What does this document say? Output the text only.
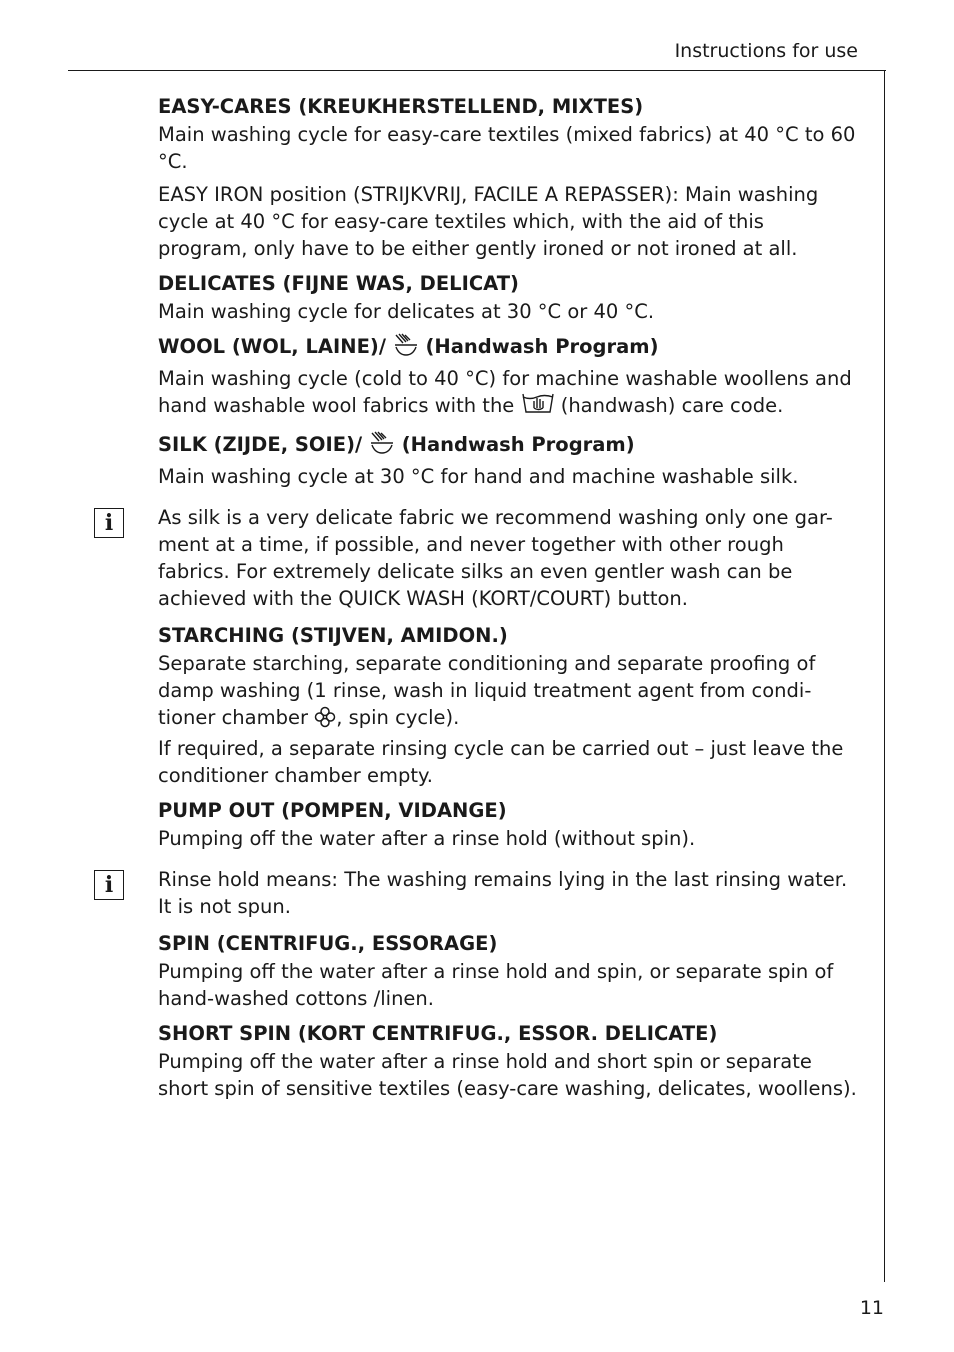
Instructions for use
EASY-CARES (KREUKHERSTELLEND, MIXTES)
Main washing cycle for easy-care textiles (mixed fabrics) at 40 °C to 60 °C.
EASY IRON position (STRIJKVRIJ, FACILE A REPASSER): Main washing cycle at 40 °C for easy-care textiles which, with the aid of this program, only have to be either gently ironed or not ironed at all.
DELICATES (FIJNE WAS, DELICAT)
Main washing cycle for delicates at 30 °C or 40 °C.
WOOL (WOL, LAINE)/  (Handwash Program)
Main washing cycle (cold to 40 °C) for machine washable woollens and hand washable wool fabrics with the  (handwash) care code.
SILK (ZIJDE, SOIE)/  (Handwash Program)
Main washing cycle at 30 °C for hand and machine washable silk.
i	As silk is a very delicate fabric we recommend washing only one gar-ment at a time, if possible, and never together with other rough fabrics. For extremely delicate silks an even gentler wash can be achieved with the QUICK WASH (KORT/COURT) button.
STARCHING (STIJVEN, AMIDON.)
Separate starching, separate conditioning and separate proofing of damp washing (1 rinse, wash in liquid treatment agent from condi-tioner chamber , spin cycle).
If required, a separate rinsing cycle can be carried out – just leave the conditioner chamber empty.
PUMP OUT (POMPEN, VIDANGE)
Pumping off the water after a rinse hold (without spin).
i	Rinse hold means: The washing remains lying in the last rinsing water. It is not spun.
SPIN (CENTRIFUG., ESSORAGE)
Pumping off the water after a rinse hold and spin, or separate spin of hand-washed cottons /linen.
SHORT SPIN (KORT CENTRIFUG., ESSOR. DELICATE)
Pumping off the water after a rinse hold and short spin or separate short spin of sensitive textiles (easy-care washing, delicates, woollens).
11
